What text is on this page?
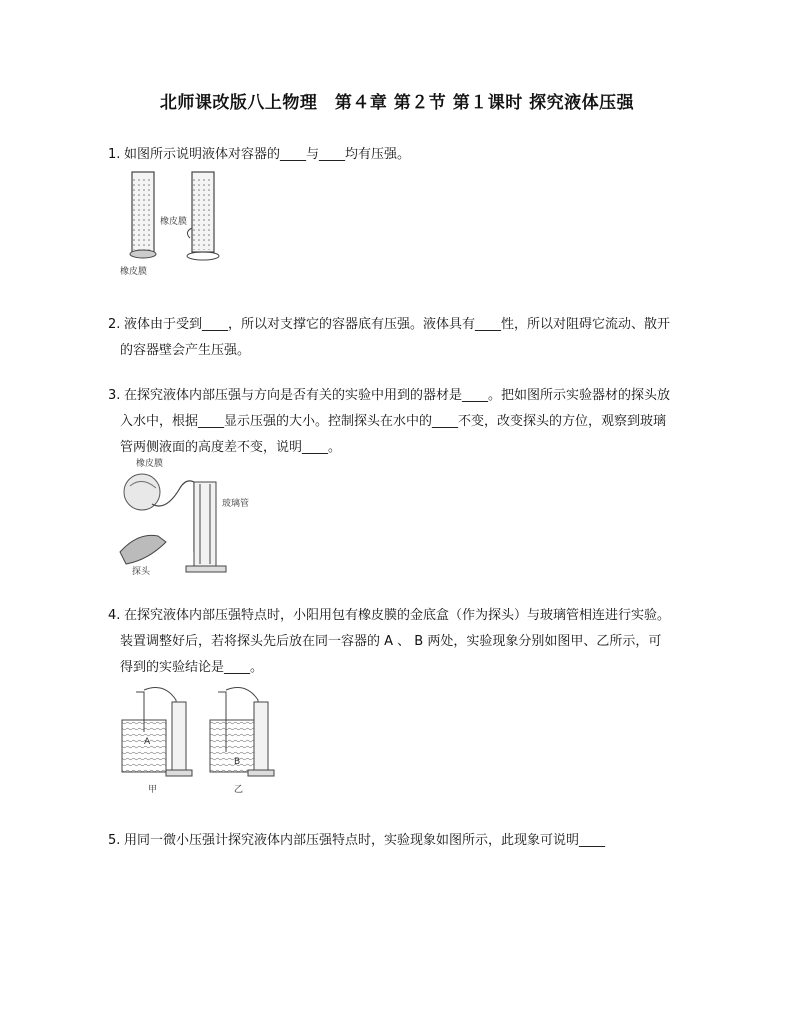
北师课改版八上物理　第４章 第２节 第１课时 探究液体压强
1. 如图所示说明液体对容器的____与____均有压强。
橡皮膜
橡皮膜
2. 液体由于受到____，所以对支撑它的容器底有压强。液体具有____性，所以对阻碍它流动、散开
的容器壁会产生压强。
3. 在探究液体内部压强与方向是否有关的实验中用到的器材是____。把如图所示实验器材的探头放
入水中，根据____显示压强的大小。控制探头在水中的____不变，改变探头的方位，观察到玻璃
管两侧液面的高度差不变，说明____。
橡皮膜
玻璃管
探头
4. 在探究液体内部压强特点时，小阳用包有橡皮膜的金底盒（作为探头）与玻璃管相连进行实验。
装置调整好后，若将探头先后放在同一容器的 A 、 B 两处，实验现象分别如图甲、乙所示，可
得到的实验结论是____。
A
B
甲	乙
5. 用同一微小压强计探究液体内部压强特点时，实验现象如图所示，此现象可说明____
